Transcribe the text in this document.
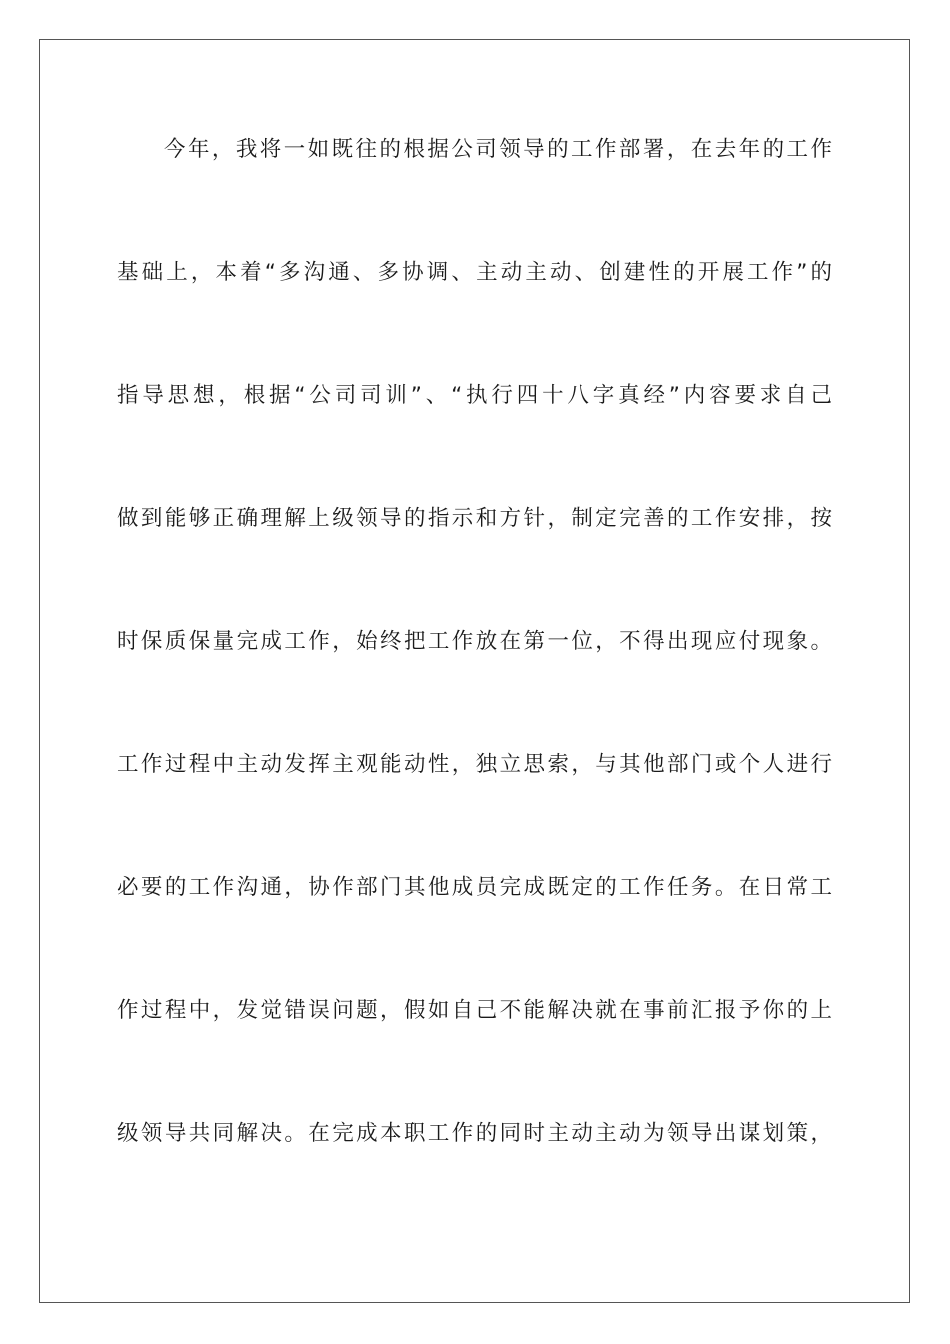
今年，我将一如既往的根据公司领导的工作部署，在去年的工作

基础上，本着“多沟通、多协调、主动主动、创建性的开展工作”的

指导思想，根据“公司司训”、“执行四十八字真经”内容要求自己

做到能够正确理解上级领导的指示和方针，制定完善的工作安排，按

时保质保量完成工作，始终把工作放在第一位，不得出现应付现象。

工作过程中主动发挥主观能动性，独立思索，与其他部门或个人进行

必要的工作沟通，协作部门其他成员完成既定的工作任务。在日常工

作过程中，发觉错误问题，假如自己不能解决就在事前汇报予你的上

级领导共同解决。在完成本职工作的同时主动主动为领导出谋划策，
